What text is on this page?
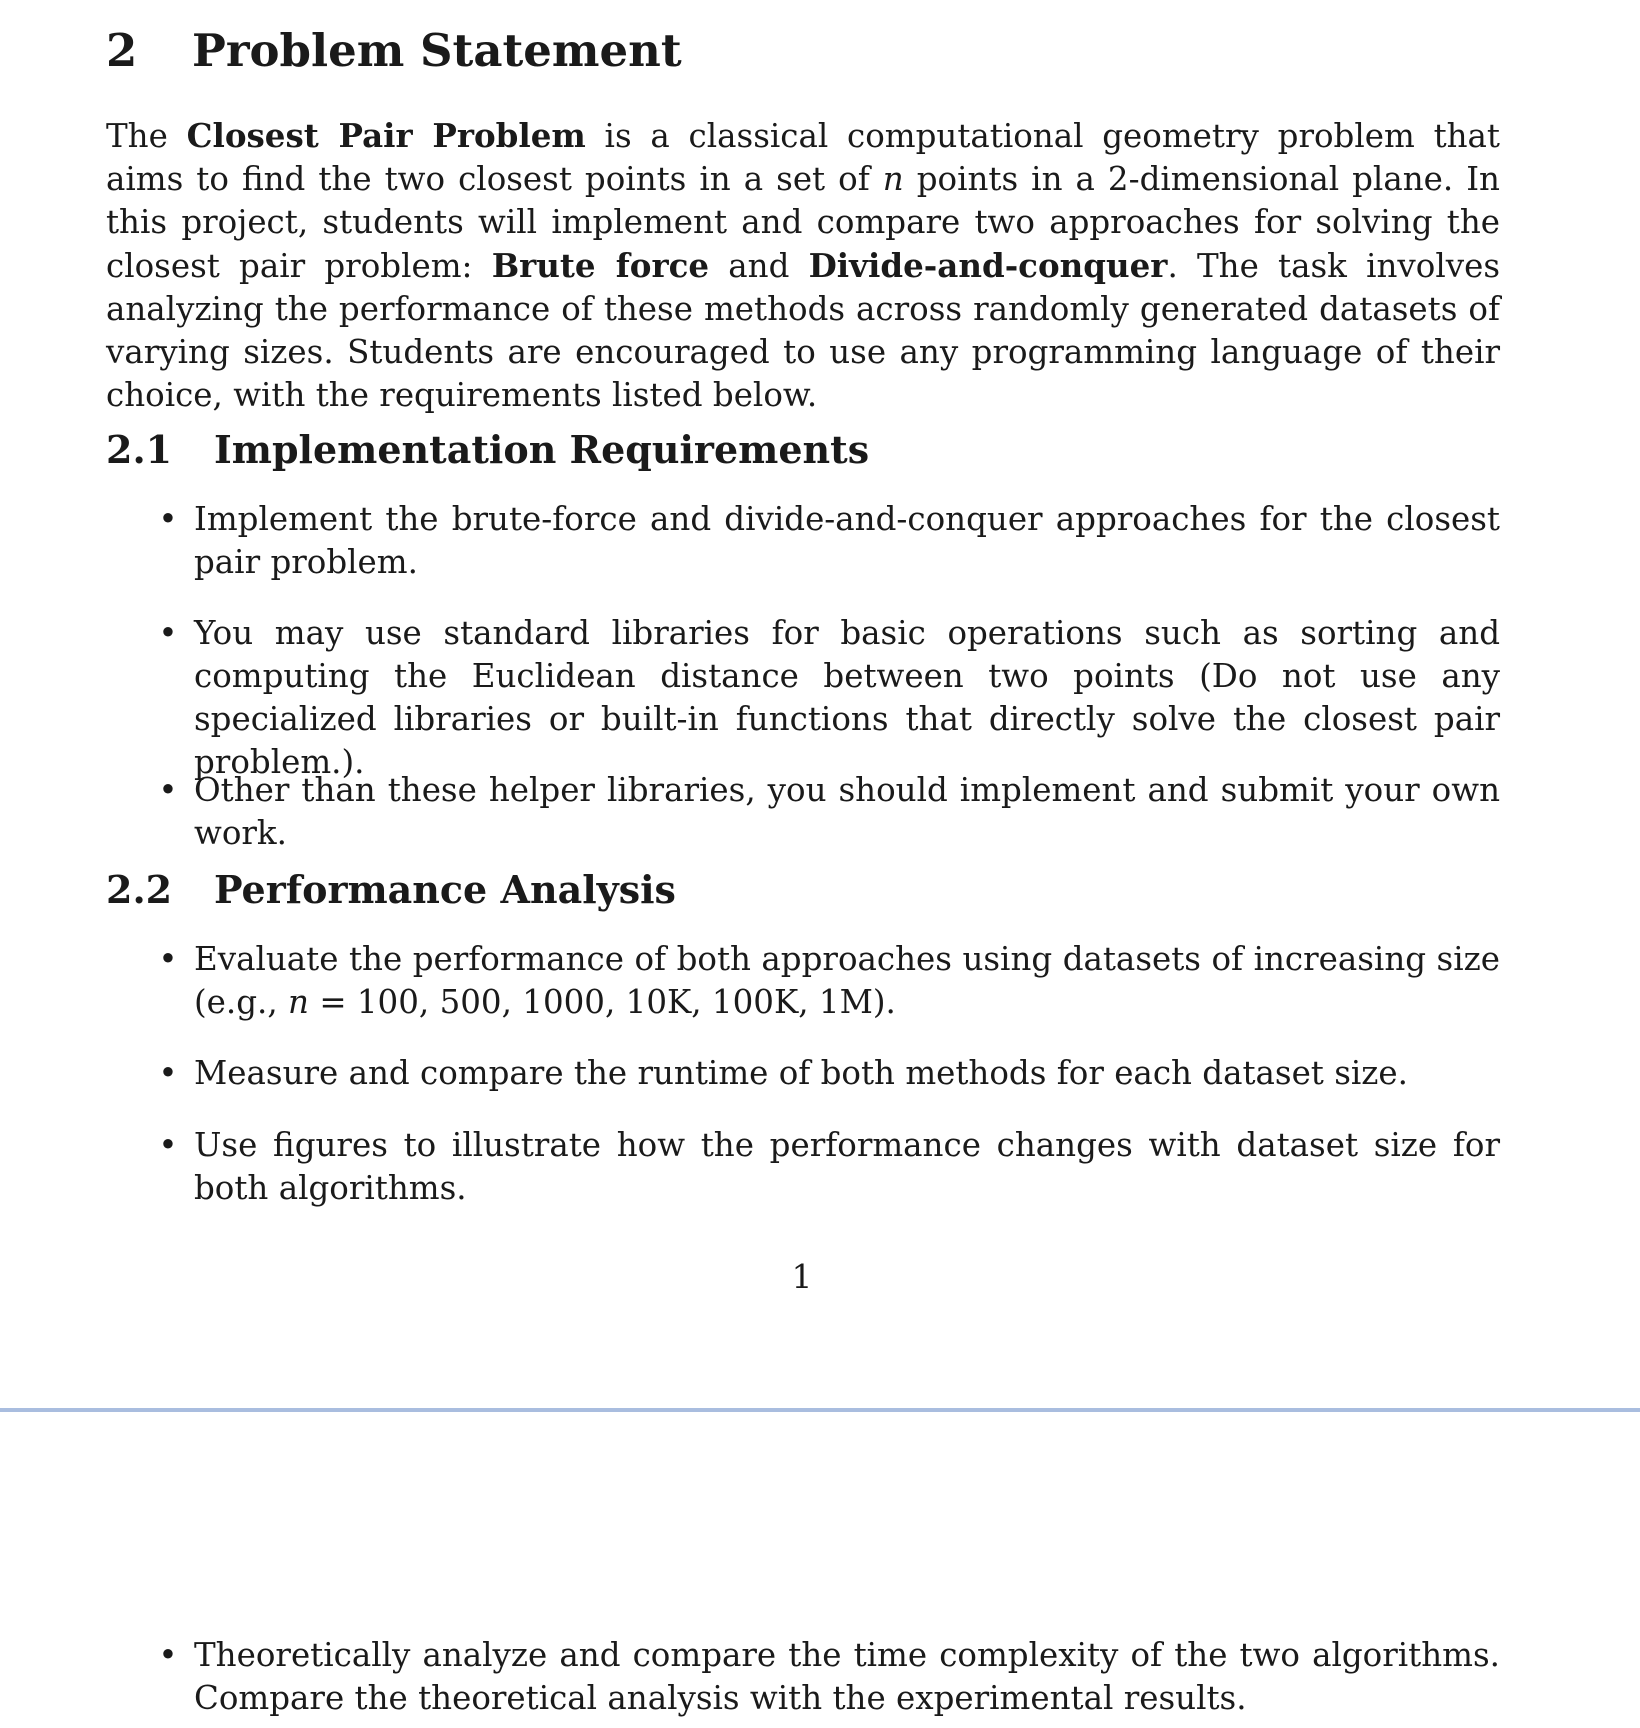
2 Problem Statement

The Closest Pair Problem is a classical computational geometry problem that aims to find the two closest points in a set of n points in a 2-dimensional plane. In this project, students will implement and compare two approaches for solving the closest pair problem: Brute force and Divide-and-conquer. The task involves analyzing the performance of these methods across randomly generated datasets of varying sizes. Students are encouraged to use any programming language of their choice, with the requirements listed below.

2.1 Implementation Requirements

• Implement the brute-force and divide-and-conquer approaches for the closest pair problem.

• You may use standard libraries for basic operations such as sorting and computing the Euclidean distance between two points (Do not use any specialized libraries or built-in functions that directly solve the closest pair problem.).

• Other than these helper libraries, you should implement and submit your own work.

2.2 Performance Analysis

• Evaluate the performance of both approaches using datasets of increasing size (e.g., n = 100, 500, 1000, 10K, 100K, 1M).

• Measure and compare the runtime of both methods for each dataset size.

• Use figures to illustrate how the performance changes with dataset size for both algorithms.

1

• Theoretically analyze and compare the time complexity of the two algorithms. Compare the theoretical analysis with the experimental results.
